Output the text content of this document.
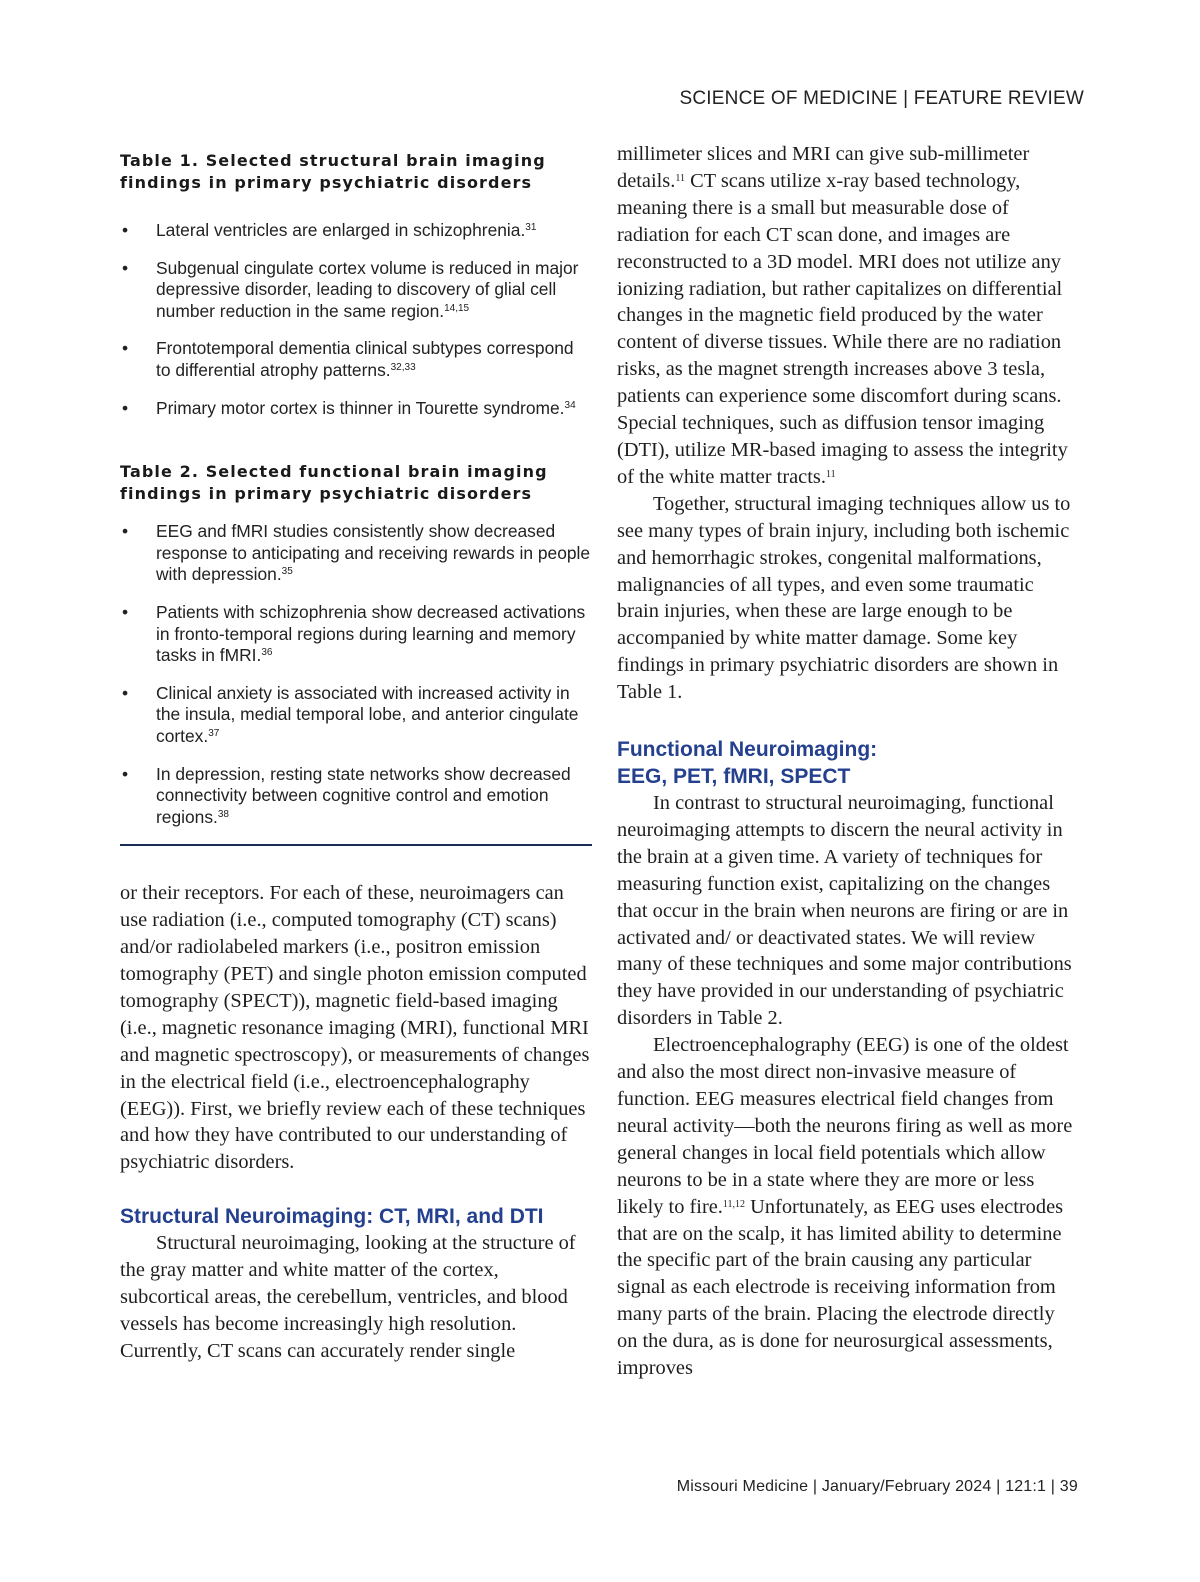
SCIENCE OF MEDICINE | FEATURE REVIEW

Table 1. Selected structural brain imaging
findings in primary psychiatric disorders

• Lateral ventricles are enlarged in schizophrenia.$^{31}$
• Subgenual cingulate cortex volume is reduced in major depressive disorder, leading to discovery of glial cell number reduction in the same region.$^{14,15}$
• Frontotemporal dementia clinical subtypes correspond to differential atrophy patterns.$^{32,33}$
• Primary motor cortex is thinner in Tourette syndrome.$^{34}$

Table 2. Selected functional brain imaging
findings in primary psychiatric disorders

• EEG and fMRI studies consistently show decreased response to anticipating and receiving rewards in people with depression.$^{35}$
• Patients with schizophrenia show decreased activations in fronto-temporal regions during learning and memory tasks in fMRI.$^{36}$
• Clinical anxiety is associated with increased activity in the insula, medial temporal lobe, and anterior cingulate cortex.$^{37}$
• In depression, resting state networks show decreased connectivity between cognitive control and emotion regions.$^{38}$

or their receptors. For each of these, neuroimagers can use radiation (i.e., computed tomography (CT) scans) and/or radiolabeled markers (i.e., positron emission tomography (PET) and single photon emission computed tomography (SPECT)), magnetic field-based imaging (i.e., magnetic resonance imaging (MRI), functional MRI and magnetic spectroscopy), or measurements of changes in the electrical field (i.e., electroencephalography (EEG)). First, we briefly review each of these techniques and how they have contributed to our understanding of psychiatric disorders.

Structural Neuroimaging: CT, MRI, and DTI

Structural neuroimaging, looking at the structure of the gray matter and white matter of the cortex, subcortical areas, the cerebellum, ventricles, and blood vessels has become increasingly high resolution. Currently, CT scans can accurately render single

millimeter slices and MRI can give sub-millimeter details.$^{11}$ CT scans utilize x-ray based technology, meaning there is a small but measurable dose of radiation for each CT scan done, and images are reconstructed to a 3D model. MRI does not utilize any ionizing radiation, but rather capitalizes on differential changes in the magnetic field produced by the water content of diverse tissues. While there are no radiation risks, as the magnet strength increases above 3 tesla, patients can experience some discomfort during scans. Special techniques, such as diffusion tensor imaging (DTI), utilize MR-based imaging to assess the integrity of the white matter tracts.$^{11}$

Together, structural imaging techniques allow us to see many types of brain injury, including both ischemic and hemorrhagic strokes, congenital malformations, malignancies of all types, and even some traumatic brain injuries, when these are large enough to be accompanied by white matter damage. Some key findings in primary psychiatric disorders are shown in Table 1.

Functional Neuroimaging:
EEG, PET, fMRI, SPECT

In contrast to structural neuroimaging, functional neuroimaging attempts to discern the neural activity in the brain at a given time. A variety of techniques for measuring function exist, capitalizing on the changes that occur in the brain when neurons are firing or are in activated and/ or deactivated states. We will review many of these techniques and some major contributions they have provided in our understanding of psychiatric disorders in Table 2.

Electroencephalography (EEG) is one of the oldest and also the most direct non-invasive measure of function. EEG measures electrical field changes from neural activity—both the neurons firing as well as more general changes in local field potentials which allow neurons to be in a state where they are more or less likely to fire.$^{11,12}$ Unfortunately, as EEG uses electrodes that are on the scalp, it has limited ability to determine the specific part of the brain causing any particular signal as each electrode is receiving information from many parts of the brain. Placing the electrode directly on the dura, as is done for neurosurgical assessments, improves

Missouri Medicine | January/February 2024 | 121:1 | 39
